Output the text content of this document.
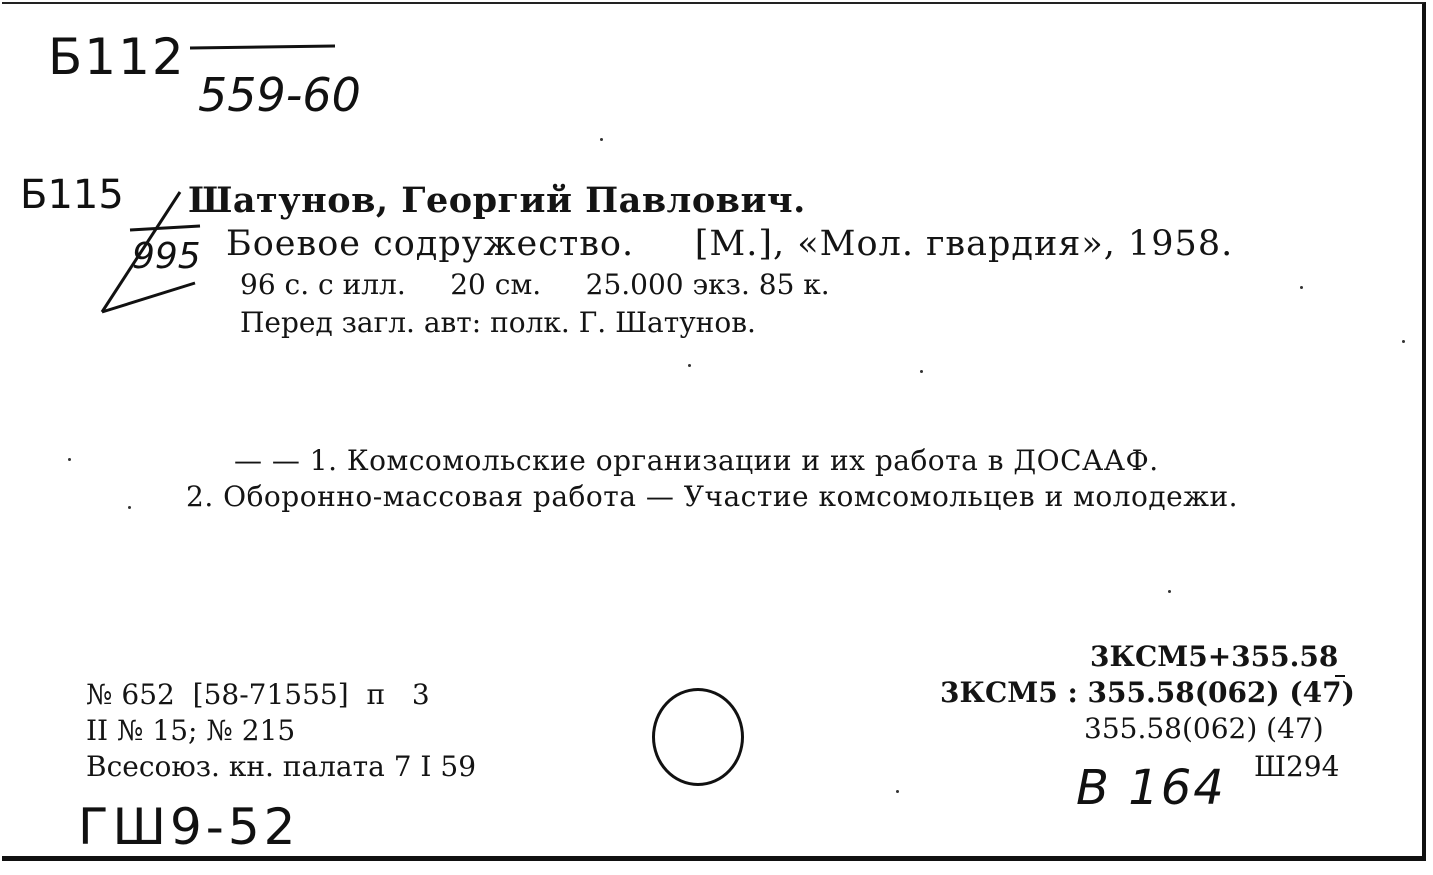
Б112
559-60
Б115
995
Шатунов, Георгий Павлович.
Боевое содружество.     [М.], «Мол. гвардия», 1958.
96 с. с илл.     20 см.     25.000 экз. 85 к.
Перед загл. авт: полк. Г. Шатунов.
— — 1. Комсомольские организации и их работа в ДОСААФ.
2. Оборонно-массовая работа — Участие комсомольцев и молодежи.
№ 652  [58-71555]  п   3
II № 15; № 215
Всесоюз. кн. палата 7 I 59
3КСМ5+355.58
3КСМ5 : 355.58(062) (47)
355.58(062) (47)
Ш294
В 164
ГШ9-52
